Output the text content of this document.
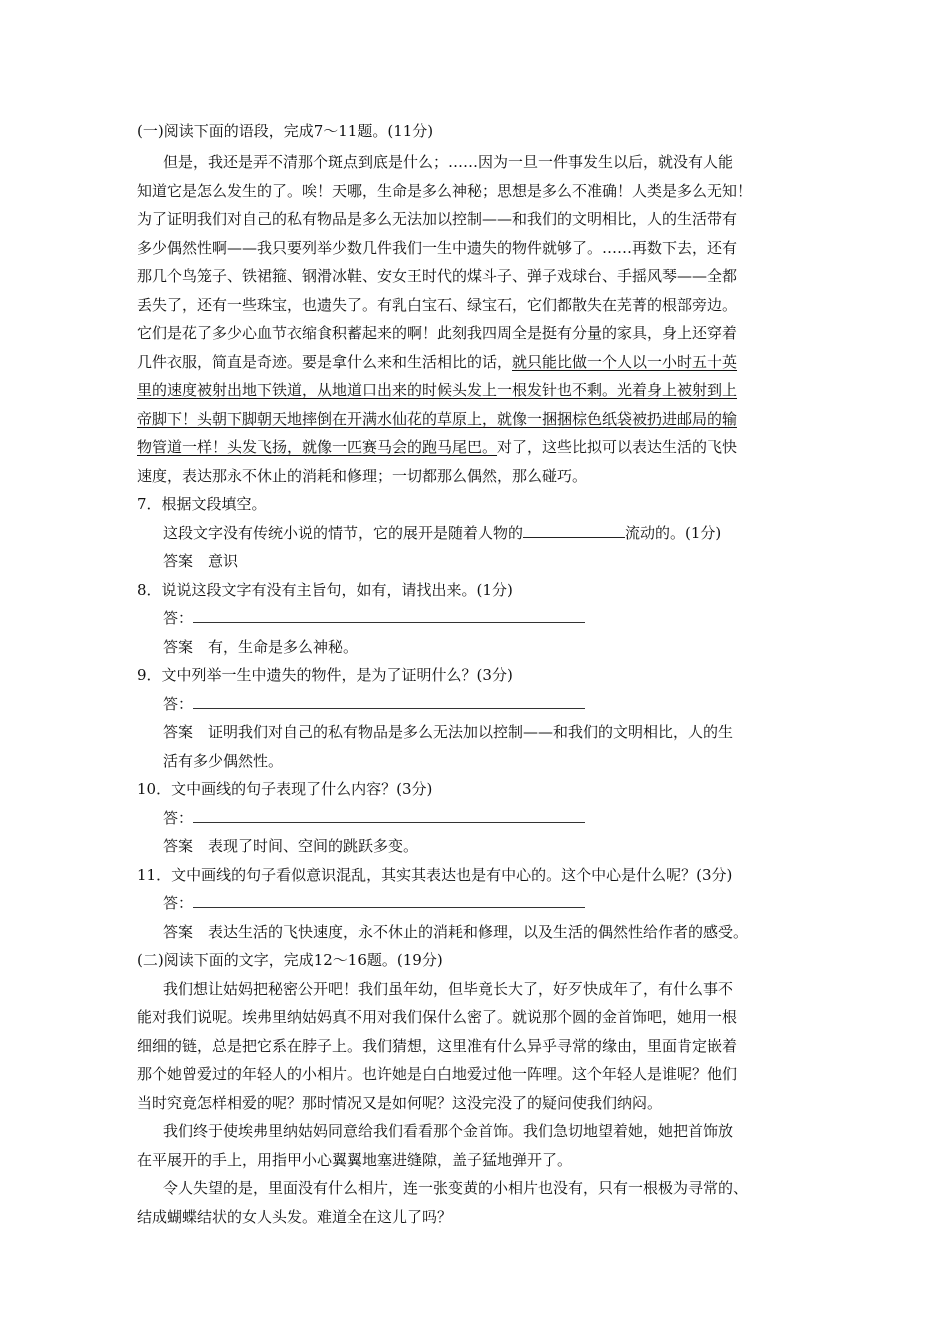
(一)阅读下面的语段，完成7～11题。(11分)
但是，我还是弄不清那个斑点到底是什么；……因为一旦一件事发生以后，就没有人能
知道它是怎么发生的了。唉！天哪，生命是多么神秘；思想是多么不准确！人类是多么无知！
为了证明我们对自己的私有物品是多么无法加以控制——和我们的文明相比，人的生活带有
多少偶然性啊——我只要列举少数几件我们一生中遗失的物件就够了。……再数下去，还有
那几个鸟笼子、铁裙箍、钢滑冰鞋、安女王时代的煤斗子、弹子戏球台、手摇风琴——全都
丢失了，还有一些珠宝，也遗失了。有乳白宝石、绿宝石，它们都散失在芜菁的根部旁边。
它们是花了多少心血节衣缩食积蓄起来的啊！此刻我四周全是挺有分量的家具，身上还穿着
几件衣服，简直是奇迹。要是拿什么来和生活相比的话，就只能比做一个人以一小时五十英
里的速度被射出地下铁道，从地道口出来的时候头发上一根发针也不剩。光着身上被射到上
帝脚下！头朝下脚朝天地摔倒在开满水仙花的草原上，就像一捆捆棕色纸袋被扔进邮局的输
物管道一样！头发飞扬，就像一匹赛马会的跑马尾巴。对了，这些比拟可以表达生活的飞快
速度，表达那永不休止的消耗和修理；一切都那么偶然，那么碰巧。
7．根据文段填空。
这段文字没有传统小说的情节，它的展开是随着人物的	流动的。(1分)
答案　意识
8．说说这段文字有没有主旨句，如有，请找出来。(1分)
答：
答案　有，生命是多么神秘。
9．文中列举一生中遗失的物件，是为了证明什么？(3分)
答：
答案　证明我们对自己的私有物品是多么无法加以控制——和我们的文明相比，人的生
活有多少偶然性。
10．文中画线的句子表现了什么内容？(3分)
答：
答案　表现了时间、空间的跳跃多变。
11．文中画线的句子看似意识混乱，其实其表达也是有中心的。这个中心是什么呢？(3分)
答：
答案　表达生活的飞快速度，永不休止的消耗和修理，以及生活的偶然性给作者的感受。
(二)阅读下面的文字，完成12～16题。(19分)
我们想让姑妈把秘密公开吧！我们虽年幼，但毕竟长大了，好歹快成年了，有什么事不
能对我们说呢。埃弗里纳姑妈真不用对我们保什么密了。就说那个圆的金首饰吧，她用一根
细细的链，总是把它系在脖子上。我们猜想，这里准有什么异乎寻常的缘由，里面肯定嵌着
那个她曾爱过的年轻人的小相片。也许她是白白地爱过他一阵哩。这个年轻人是谁呢？他们
当时究竟怎样相爱的呢？那时情况又是如何呢？这没完没了的疑问使我们纳闷。
我们终于使埃弗里纳姑妈同意给我们看看那个金首饰。我们急切地望着她，她把首饰放
在平展开的手上，用指甲小心翼翼地塞进缝隙，盖子猛地弹开了。
令人失望的是，里面没有什么相片，连一张变黄的小相片也没有，只有一根极为寻常的、
结成蝴蝶结状的女人头发。难道全在这儿了吗？
